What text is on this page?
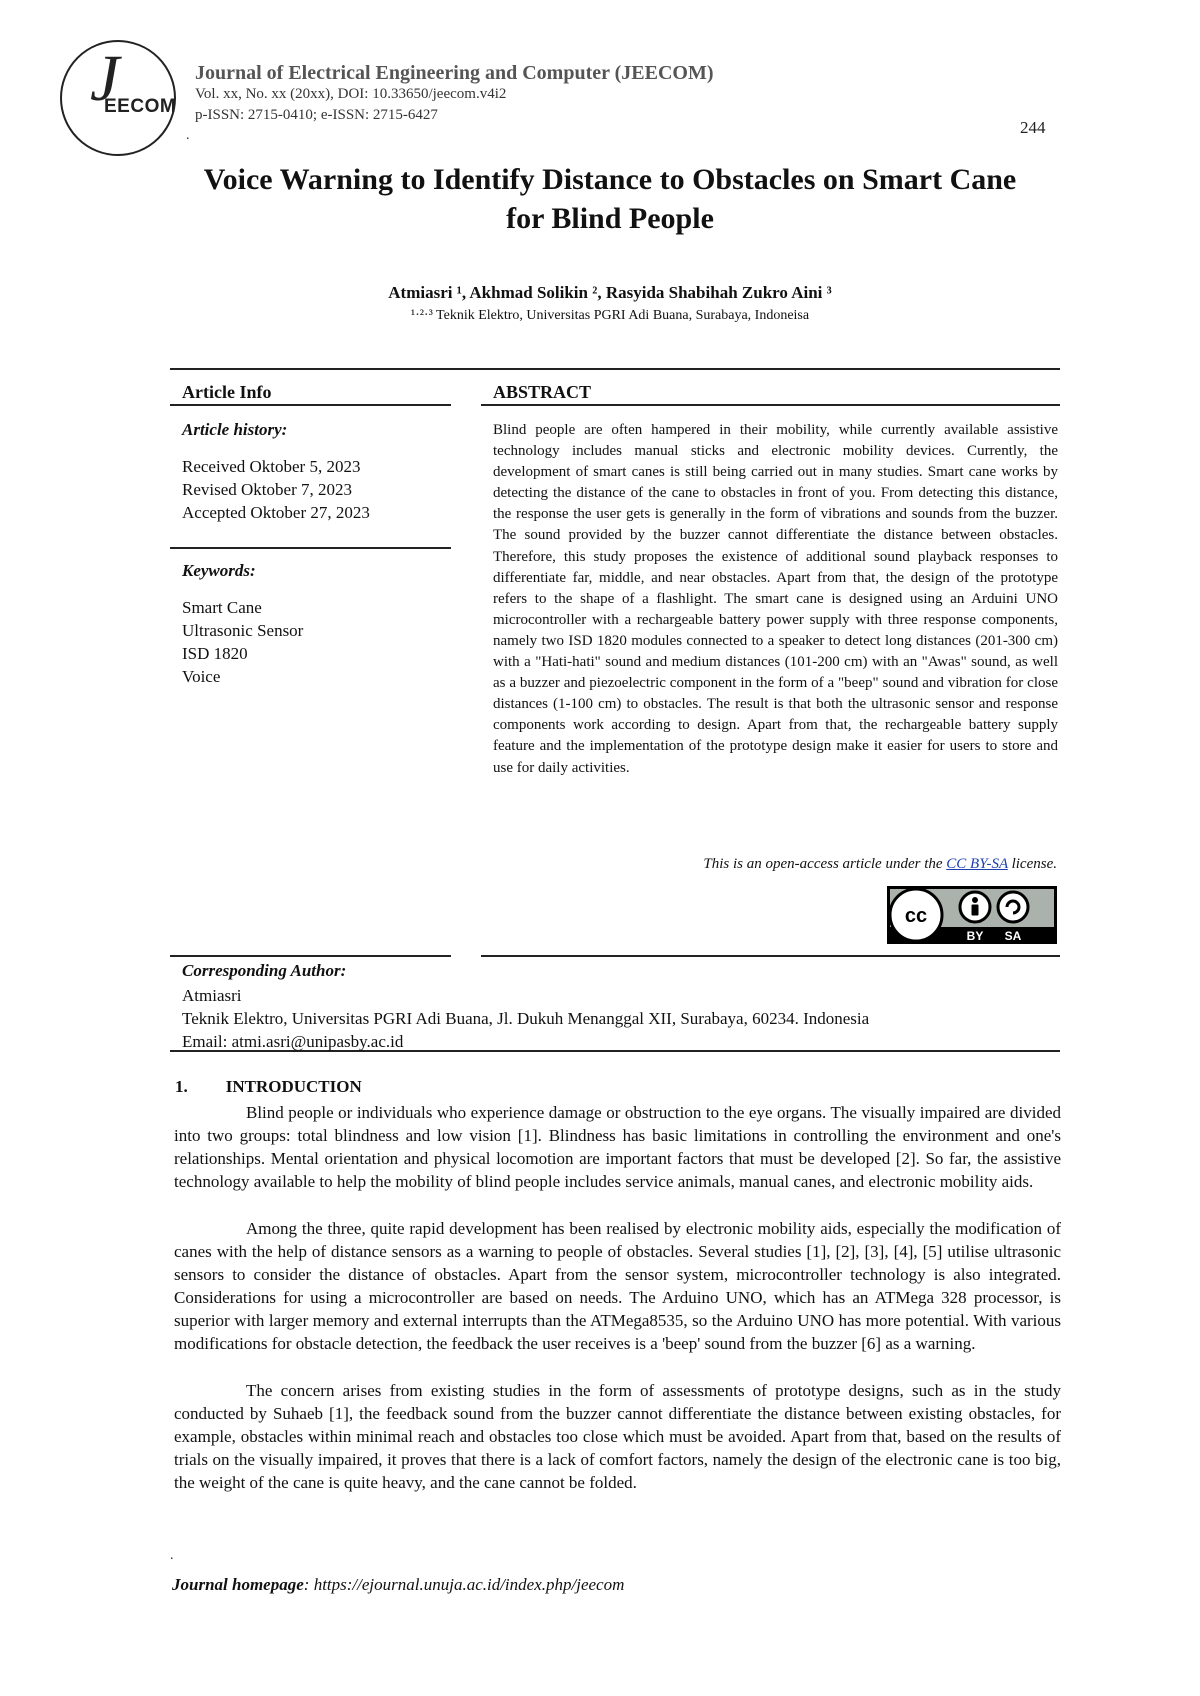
J
EECOM
Journal of Electrical Engineering and Computer (JEECOM)
Vol. xx, No. xx (20xx), DOI: 10.33650/jeecom.v4i2
p-ISSN: 2715-0410; e-ISSN: 2715-6427
244
.
Voice Warning to Identify Distance to Obstacles on Smart Cane
for Blind People
Atmiasri ¹, Akhmad Solikin ², Rasyida Shabihah Zukro Aini ³
¹·²·³ Teknik Elektro, Universitas PGRI Adi Buana, Surabaya, Indoneisa
Article Info
Article history:
Received Oktober 5, 2023
Revised Oktober 7, 2023
Accepted Oktober 27, 2023
Keywords:
Smart Cane
Ultrasonic Sensor
ISD 1820
Voice
ABSTRACT
Blind people are often hampered in their mobility, while currently available assistive technology includes manual sticks and electronic mobility devices. Currently, the development of smart canes is still being carried out in many studies. Smart cane works by detecting the distance of the cane to obstacles in front of you. From detecting this distance, the response the user gets is generally in the form of vibrations and sounds from the buzzer. The sound provided by the buzzer cannot differentiate the distance between obstacles. Therefore, this study proposes the existence of additional sound playback responses to differentiate far, middle, and near obstacles. Apart from that, the design of the prototype refers to the shape of a flashlight. The smart cane is designed using an Arduini UNO microcontroller with a rechargeable battery power supply with three response components, namely two ISD 1820 modules connected to a speaker to detect long distances (201-300 cm) with a "Hati-hati" sound and medium distances (101-200 cm) with an "Awas" sound, as well as a buzzer and piezoelectric component in the form of a "beep" sound and vibration for close distances (1-100 cm) to obstacles. The result is that both the ultrasonic sensor and response components work according to design. Apart from that, the rechargeable battery supply feature and the implementation of the prototype design make it easier for users to store and use for daily activities.
This is an open-access article under the CC BY-SA license.
cc
BY SA
Corresponding Author:
Atmiasri
Teknik Elektro, Universitas PGRI Adi Buana, Jl. Dukuh Menanggal XII, Surabaya, 60234. Indonesia
Email: atmi.asri@unipasby.ac.id
1. INTRODUCTION
Blind people or individuals who experience damage or obstruction to the eye organs. The visually impaired are divided into two groups: total blindness and low vision [1]. Blindness has basic limitations in controlling the environment and one's relationships. Mental orientation and physical locomotion are important factors that must be developed [2]. So far, the assistive technology available to help the mobility of blind people includes service animals, manual canes, and electronic mobility aids.
Among the three, quite rapid development has been realised by electronic mobility aids, especially the modification of canes with the help of distance sensors as a warning to people of obstacles. Several studies [1], [2], [3], [4], [5] utilise ultrasonic sensors to consider the distance of obstacles. Apart from the sensor system, microcontroller technology is also integrated. Considerations for using a microcontroller are based on needs. The Arduino UNO, which has an ATMega 328 processor, is superior with larger memory and external interrupts than the ATMega8535, so the Arduino UNO has more potential. With various modifications for obstacle detection, the feedback the user receives is a 'beep' sound from the buzzer [6] as a warning.
The concern arises from existing studies in the form of assessments of prototype designs, such as in the study conducted by Suhaeb [1], the feedback sound from the buzzer cannot differentiate the distance between existing obstacles, for example, obstacles within minimal reach and obstacles too close which must be avoided. Apart from that, based on the results of trials on the visually impaired, it proves that there is a lack of comfort factors, namely the design of the electronic cane is too big, the weight of the cane is quite heavy, and the cane cannot be folded.
.
Journal homepage: https://ejournal.unuja.ac.id/index.php/jeecom
